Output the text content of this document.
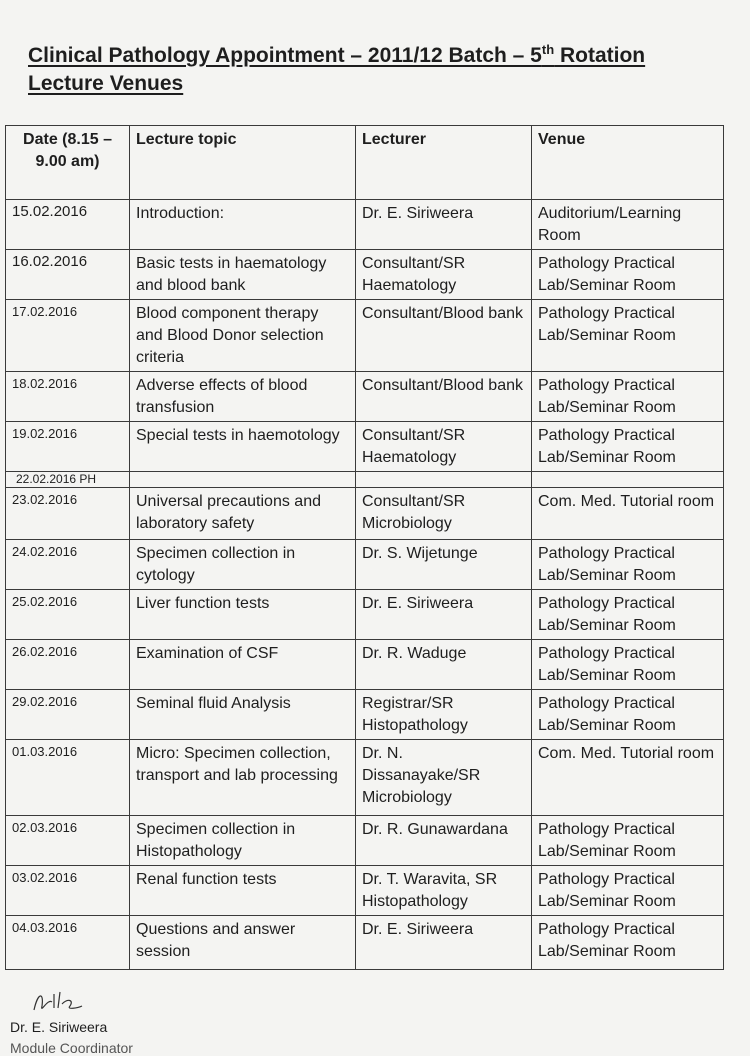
Clinical Pathology Appointment – 2011/12 Batch – 5th Rotation
Lecture Venues
Date (8.15 – 9.00 am)	Lecture topic	Lecturer	Venue
15.02.2016	Introduction:	Dr. E. Siriweera	Auditorium/Learning Room
16.02.2016	Basic tests in haematology and blood bank	Consultant/SR Haematology	Pathology Practical Lab/Seminar Room
17.02.2016	Blood component therapy and Blood Donor selection criteria	Consultant/Blood bank	Pathology Practical Lab/Seminar Room
18.02.2016	Adverse effects of blood transfusion	Consultant/Blood bank	Pathology Practical Lab/Seminar Room
19.02.2016	Special tests in haemotology	Consultant/SR Haematology	Pathology Practical Lab/Seminar Room
22.02.2016 PH			
23.02.2016	Universal precautions and laboratory safety	Consultant/SR Microbiology	Com. Med. Tutorial room
24.02.2016	Specimen collection in cytology	Dr. S. Wijetunge	Pathology Practical Lab/Seminar Room
25.02.2016	Liver function tests	Dr. E. Siriweera	Pathology Practical Lab/Seminar Room
26.02.2016	Examination of CSF	Dr. R. Waduge	Pathology Practical Lab/Seminar Room
29.02.2016	Seminal fluid Analysis	Registrar/SR Histopathology	Pathology Practical Lab/Seminar Room
01.03.2016	Micro: Specimen collection, transport and lab processing	Dr. N. Dissanayake/SR Microbiology	Com. Med. Tutorial room
02.03.2016	Specimen collection in Histopathology	Dr. R. Gunawardana	Pathology Practical Lab/Seminar Room
03.02.2016	Renal function tests	Dr. T. Waravita, SR Histopathology	Pathology Practical Lab/Seminar Room
04.03.2016	Questions and answer session	Dr. E. Siriweera	Pathology Practical Lab/Seminar Room
Dr. E. Siriweera
Module Coordinator
